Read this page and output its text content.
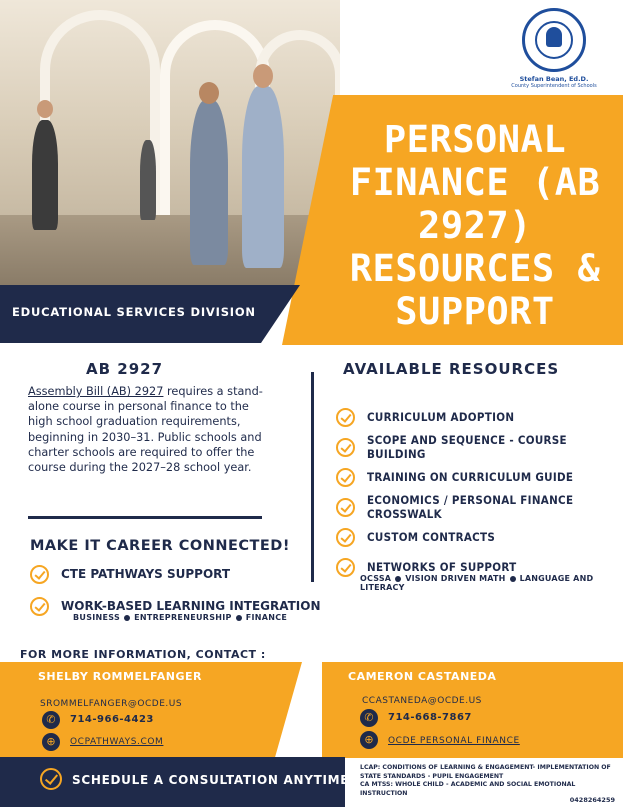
Stefan Bean, Ed.D.
County Superintendent of Schools
PERSONAL FINANCE (AB 2927) RESOURCES & SUPPORT
EDUCATIONAL SERVICES DIVISION
AB 2927
Assembly Bill (AB) 2927 requires a stand-alone course in personal finance to the high school graduation requirements, beginning in 2030–31. Public schools and charter schools are required to offer the course during the 2027–28 school year.
AVAILABLE RESOURCES
CURRICULUM ADOPTION
SCOPE AND SEQUENCE - COURSE BUILDING
TRAINING ON CURRICULUM GUIDE
ECONOMICS / PERSONAL FINANCE CROSSWALK
CUSTOM CONTRACTS
NETWORKS OF SUPPORT
OCSSA VISION DRIVEN MATH LANGUAGE AND LITERACY
MAKE IT CAREER CONNECTED!
CTE PATHWAYS SUPPORT
WORK-BASED LEARNING INTEGRATION
BUSINESS ENTREPRENEURSHIP FINANCE
FOR MORE INFORMATION, CONTACT :
SHELBY ROMMELFANGER
SROMMELFANGER@OCDE.US
✆	714-966-4423
⊕	OCPATHWAYS.COM
CAMERON CASTANEDA
CCASTANEDA@OCDE.US
✆	714-668-7867
⊕	OCDE PERSONAL FINANCE
SCHEDULE A CONSULTATION ANYTIME
LCAP: CONDITIONS OF LEARNING & ENGAGEMENT- IMPLEMENTATION OF STATE STANDARDS - PUPIL ENGAGEMENT
CA MTSS: WHOLE CHILD - ACADEMIC AND SOCIAL EMOTIONAL INSTRUCTION
0428264259
